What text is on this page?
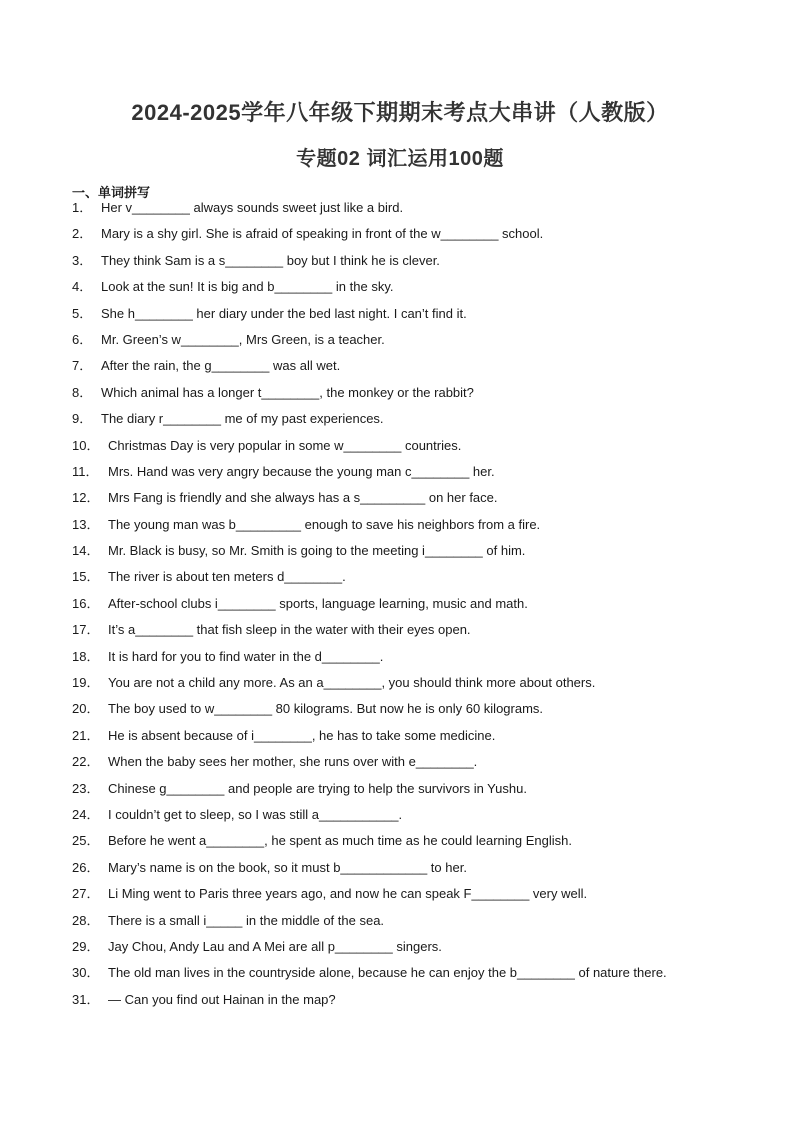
2024-2025学年八年级下期期末考点大串讲（人教版）
专题02 词汇运用100题
一、单词拼写
1． Her v________ always sounds sweet just like a bird.
2． Mary is a shy girl. She is afraid of speaking in front of the w________ school.
3． They think Sam is a s________ boy but I think he is clever.
4． Look at the sun! It is big and b________ in the sky.
5． She h________ her diary under the bed last night. I can’t find it.
6． Mr. Green’s w________, Mrs Green, is a teacher.
7． After the rain, the g________ was all wet.
8． Which animal has a longer t________, the monkey or the rabbit?
9． The diary r________ me of my past experiences.
10． Christmas Day is very popular in some w________ countries.
11． Mrs. Hand was very angry because the young man c________ her.
12． Mrs Fang is friendly and she always has a s_________ on her face.
13． The young man was b_________ enough to save his neighbors from a fire.
14． Mr. Black is busy, so Mr. Smith is going to the meeting i________ of him.
15． The river is about ten meters d________.
16． After-school clubs i________ sports, language learning, music and math.
17． It’s a________ that fish sleep in the water with their eyes open.
18． It is hard for you to find water in the d________.
19． You are not a child any more. As an a________, you should think more about others.
20． The boy used to w________ 80 kilograms. But now he is only 60 kilograms.
21． He is absent because of i________, he has to take some medicine.
22． When the baby sees her mother, she runs over with e________.
23． Chinese g________ and people are trying to help the survivors in Yushu.
24． I couldn’t get to sleep, so I was still a___________.
25． Before he went a________, he spent as much time as he could learning English.
26． Mary’s name is on the book, so it must b____________ to her.
27． Li Ming went to Paris three years ago, and now he can speak F________ very well.
28． There is a small i_____ in the middle of the sea.
29． Jay Chou, Andy Lau and A Mei are all p________ singers.
30． The old man lives in the countryside alone, because he can enjoy the b________ of nature there.
31． — Can you find out Hainan in the map?
